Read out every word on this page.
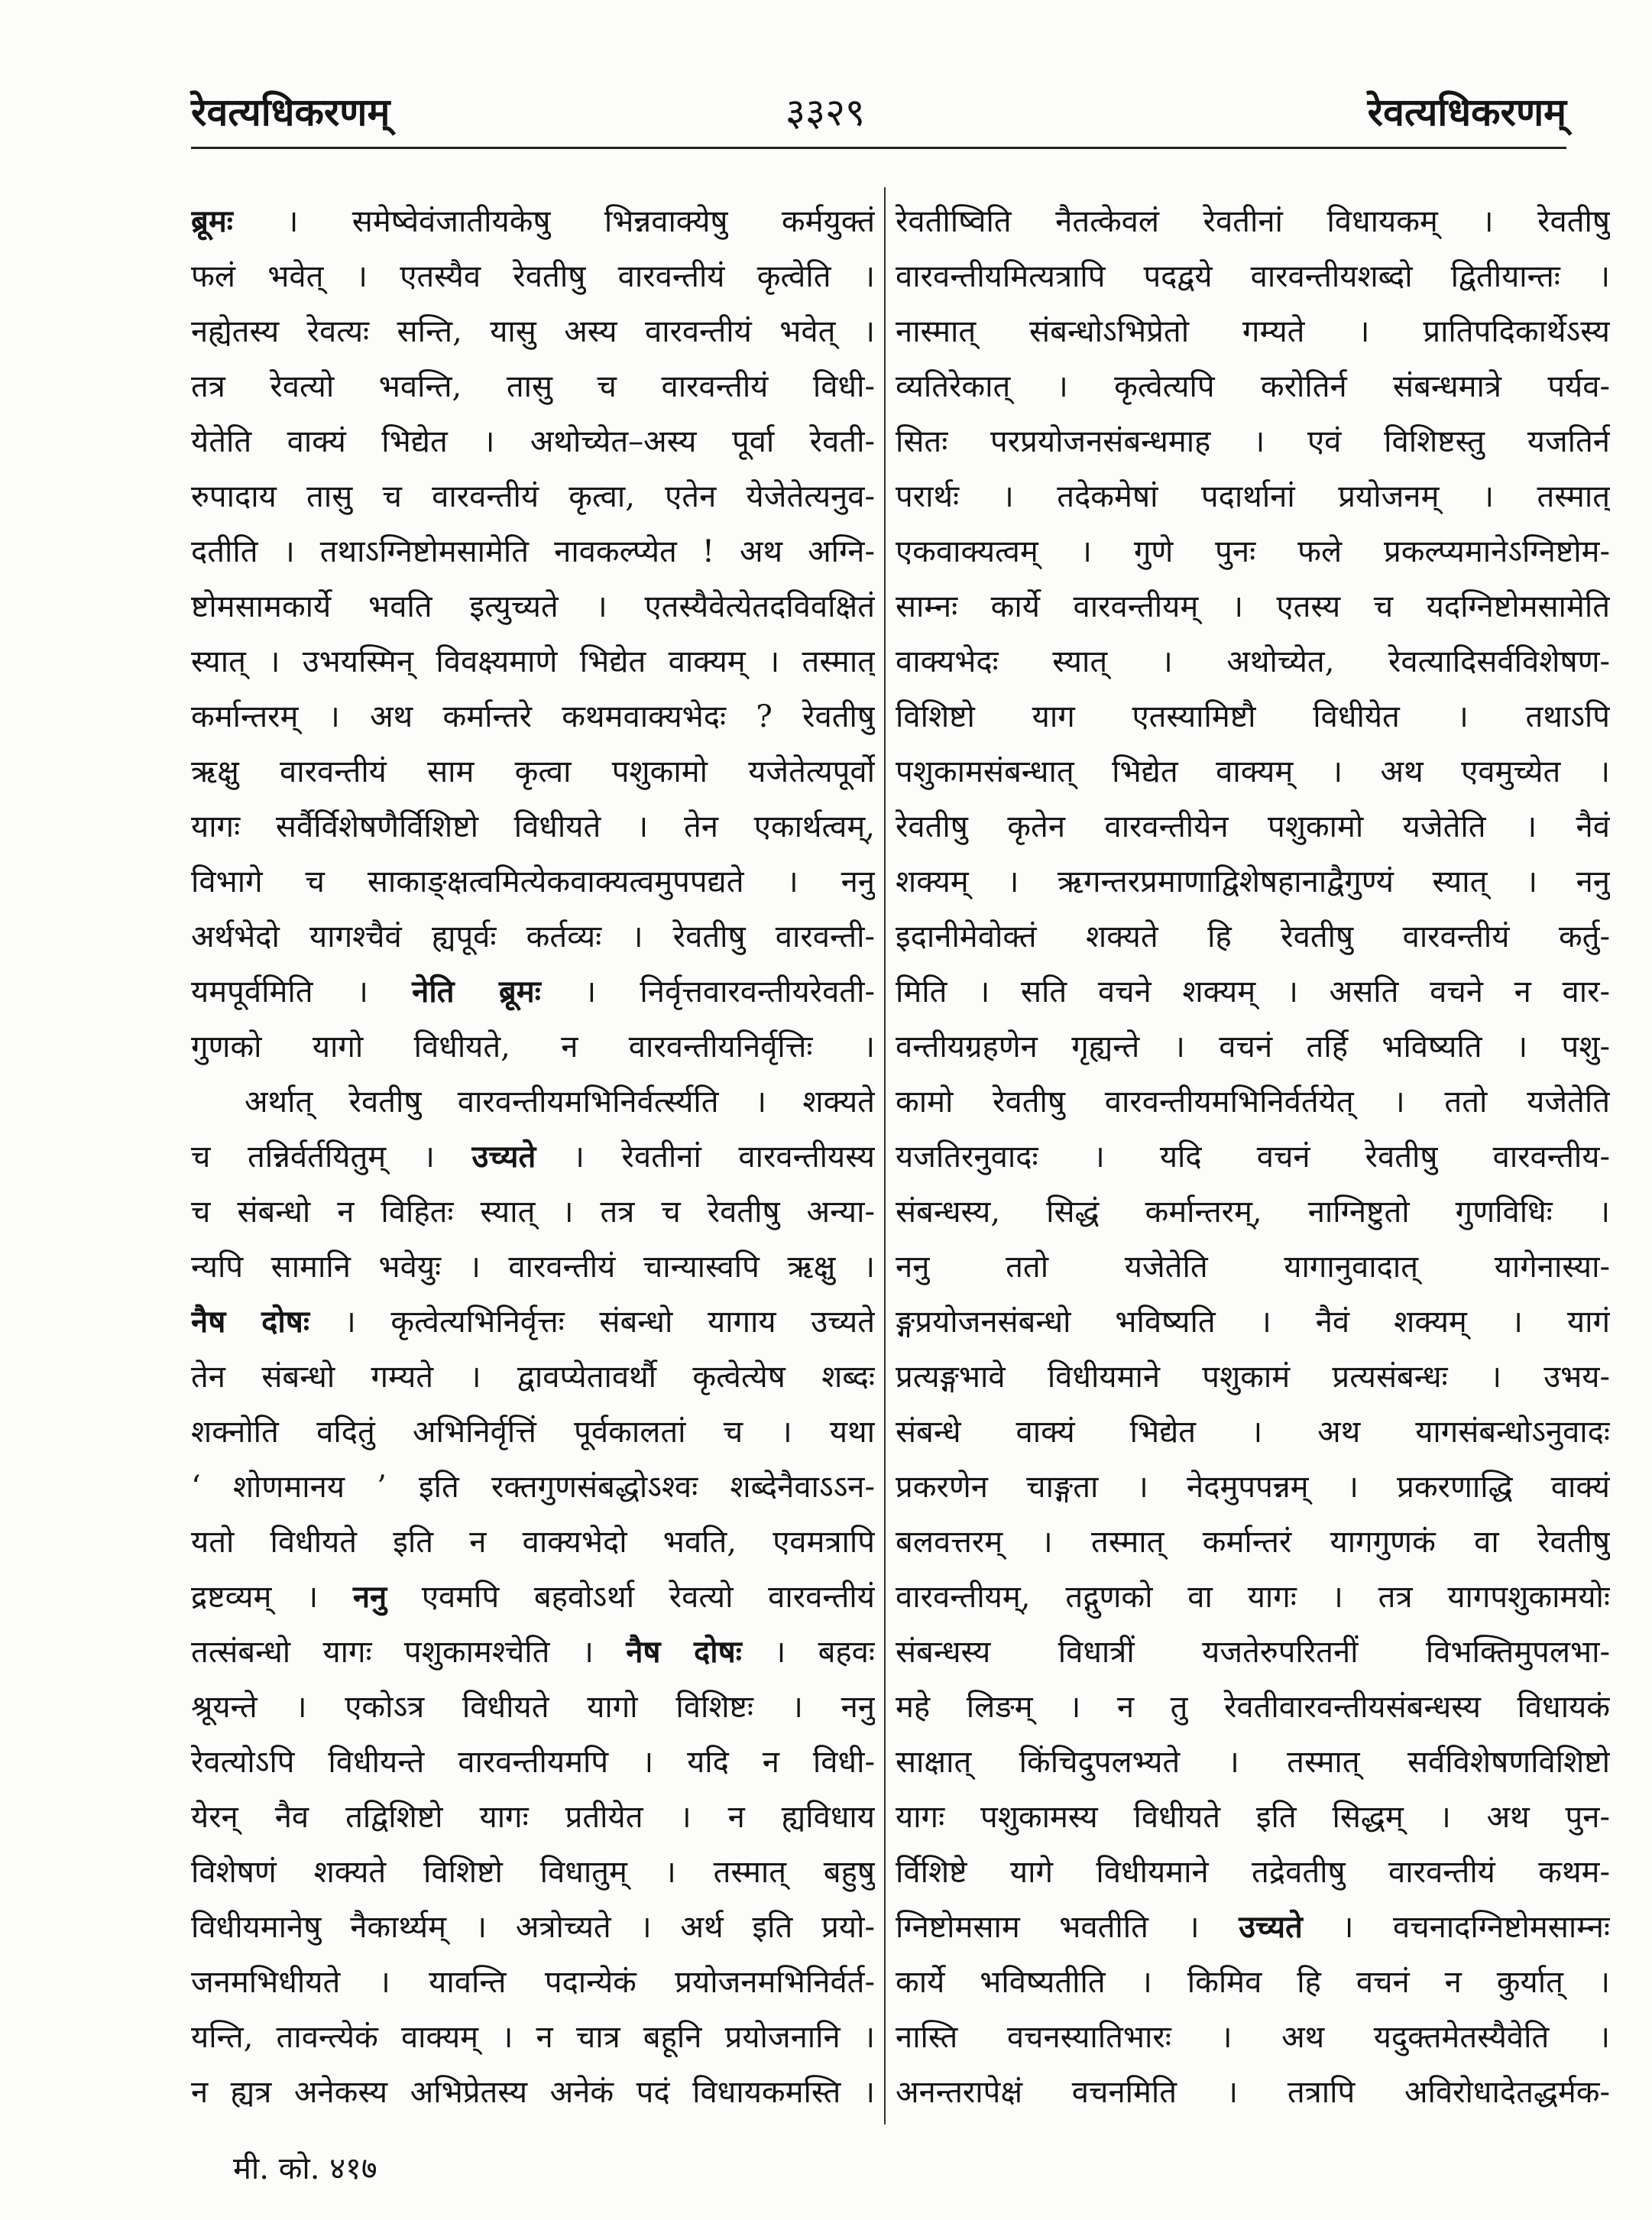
रेवत्यधिकरणम्	३३२९	रेवत्यधिकरणम्
ब्रूमः । समेष्वेवंजातीयकेषु भिन्नवाक्येषु कर्मयुक्तं
फलं भवेत् । एतस्यैव रेवतीषु वारवन्तीयं कृत्वेति ।
नह्येतस्य रेवत्यः सन्ति, यासु अस्य वारवन्तीयं भवेत् ।
तत्र रेवत्यो भवन्ति, तासु च वारवन्तीयं विधी-
येतेति वाक्यं भिद्येत । अथोच्येत–अस्य पूर्वा रेवती-
रुपादाय तासु च वारवन्तीयं कृत्वा, एतेन येजेतेत्यनुव-
दतीति । तथाऽग्निष्टोमसामेति नावकल्प्येत ! अथ अग्नि-
ष्टोमसामकार्ये भवति इत्युच्यते । एतस्यैवेत्येतदविवक्षितं
स्यात् । उभयस्मिन् विवक्ष्यमाणे भिद्येत वाक्यम् । तस्मात्
कर्मान्तरम् । अथ कर्मान्तरे कथमवाक्यभेदः ? रेवतीषु
ऋक्षु वारवन्तीयं साम कृत्वा पशुकामो यजेतेत्यपूर्वो
यागः सर्वैर्विशेषणैर्विशिष्टो विधीयते । तेन एकार्थत्वम्,
विभागे च साकाङ्क्षत्वमित्येकवाक्यत्वमुपपद्यते । ननु
अर्थभेदो यागश्चैवं ह्यपूर्वः कर्तव्यः । रेवतीषु वारवन्ती-
यमपूर्वमिति । नेति ब्रूमः । निर्वृत्तवारवन्तीयरेवती-
गुणको यागो विधीयते, न वारवन्तीयनिर्वृत्तिः ।
अर्थात् रेवतीषु वारवन्तीयमभिनिर्वर्त्स्यति । शक्यते
च तन्निर्वर्तयितुम् । उच्यते । रेवतीनां वारवन्तीयस्य
च संबन्धो न विहितः स्यात् । तत्र च रेवतीषु अन्या-
न्यपि सामानि भवेयुः । वारवन्तीयं चान्यास्वपि ऋक्षु ।
नैष दोषः । कृत्वेत्यभिनिर्वृत्तः संबन्धो यागाय उच्यते
तेन संबन्धो गम्यते । द्वावप्येतावर्थौ कृत्वेत्येष शब्दः
शक्नोति वदितुं अभिनिर्वृत्तिं पूर्वकालतां च । यथा
‘ शोणमानय ’ इति रक्तगुणसंबद्धोऽश्वः शब्देनैवाऽऽन-
यतो विधीयते इति न वाक्यभेदो भवति, एवमत्रापि
द्रष्टव्यम् । ननु एवमपि बहवोऽर्था रेवत्यो वारवन्तीयं
तत्संबन्धो यागः पशुकामश्चेति । नैष दोषः । बहवः
श्रूयन्ते । एकोऽत्र विधीयते यागो विशिष्टः । ननु
रेवत्योऽपि विधीयन्ते वारवन्तीयमपि । यदि न विधी-
येरन् नैव तद्विशिष्टो यागः प्रतीयेत । न ह्यविधाय
विशेषणं शक्यते विशिष्टो विधातुम् । तस्मात् बहुषु
विधीयमानेषु नैकार्थ्यम् । अत्रोच्यते । अर्थ इति प्रयो-
जनमभिधीयते । यावन्ति पदान्येकं प्रयोजनमभिनिर्वर्त-
यन्ति, तावन्त्येकं वाक्यम् । न चात्र बहूनि प्रयोजनानि ।
न ह्यत्र अनेकस्य अभिप्रेतस्य अनेकं पदं विधायकमस्ति ।
रेवतीष्विति नैतत्केवलं रेवतीनां विधायकम् । रेवतीषु
वारवन्तीयमित्यत्रापि पदद्वये वारवन्तीयशब्दो द्वितीयान्तः ।
नास्मात् संबन्धोऽभिप्रेतो गम्यते । प्रातिपदिकार्थेऽस्य
व्यतिरेकात् । कृत्वेत्यपि करोतिर्न संबन्धमात्रे पर्यव-
सितः परप्रयोजनसंबन्धमाह । एवं विशिष्टस्तु यजतिर्न
परार्थः । तदेकमेषां पदार्थानां प्रयोजनम् । तस्मात्
एकवाक्यत्वम् । गुणे पुनः फले प्रकल्प्यमानेऽग्निष्टोम-
साम्नः कार्ये वारवन्तीयम् । एतस्य च यदग्निष्टोमसामेति
वाक्यभेदः स्यात् । अथोच्येत, रेवत्यादिसर्वविशेषण-
विशिष्टो याग एतस्यामिष्टौ विधीयेत । तथाऽपि
पशुकामसंबन्धात् भिद्येत वाक्यम् । अथ एवमुच्येत ।
रेवतीषु कृतेन वारवन्तीयेन पशुकामो यजेतेति । नैवं
शक्यम् । ऋगन्तरप्रमाणाद्विशेषहानाद्वैगुण्यं स्यात् । ननु
इदानीमेवोक्तं शक्यते हि रेवतीषु वारवन्तीयं कर्तु-
मिति । सति वचने शक्यम् । असति वचने न वार-
वन्तीयग्रहणेन गृह्यन्ते । वचनं तर्हि भविष्यति । पशु-
कामो रेवतीषु वारवन्तीयमभिनिर्वर्तयेत् । ततो यजेतेति
यजतिरनुवादः । यदि वचनं रेवतीषु वारवन्तीय-
संबन्धस्य, सिद्धं कर्मान्तरम्, नाग्निष्टुतो गुणविधिः ।
ननु ततो यजेतेति यागानुवादात् यागेनास्या-
ङ्गप्रयोजनसंबन्धो भविष्यति । नैवं शक्यम् । यागं
प्रत्यङ्गभावे विधीयमाने पशुकामं प्रत्यसंबन्धः । उभय-
संबन्धे वाक्यं भिद्येत । अथ यागसंबन्धोऽनुवादः
प्रकरणेन चाङ्गता । नेदमुपपन्नम् । प्रकरणाद्धि वाक्यं
बलवत्तरम् । तस्मात् कर्मान्तरं यागगुणकं वा रेवतीषु
वारवन्तीयम्, तद्गुणको वा यागः । तत्र यागपशुकामयोः
संबन्धस्य विधात्रीं यजतेरुपरितनीं विभक्तिमुपलभा-
महे लिङम् । न तु रेवतीवारवन्तीयसंबन्धस्य विधायकं
साक्षात् किंचिदुपलभ्यते । तस्मात् सर्वविशेषणविशिष्टो
यागः पशुकामस्य विधीयते इति सिद्धम् । अथ पुन-
र्विशिष्टे यागे विधीयमाने तद्रेवतीषु वारवन्तीयं कथम-
ग्निष्टोमसाम भवतीति । उच्यते । वचनादग्निष्टोमसाम्नः
कार्ये भविष्यतीति । किमिव हि वचनं न कुर्यात् ।
नास्ति वचनस्यातिभारः । अथ यदुक्तमेतस्यैवेति ।
अनन्तरापेक्षं वचनमिति । तत्रापि अविरोधादेतद्धर्मक-
मी. को. ४१७
